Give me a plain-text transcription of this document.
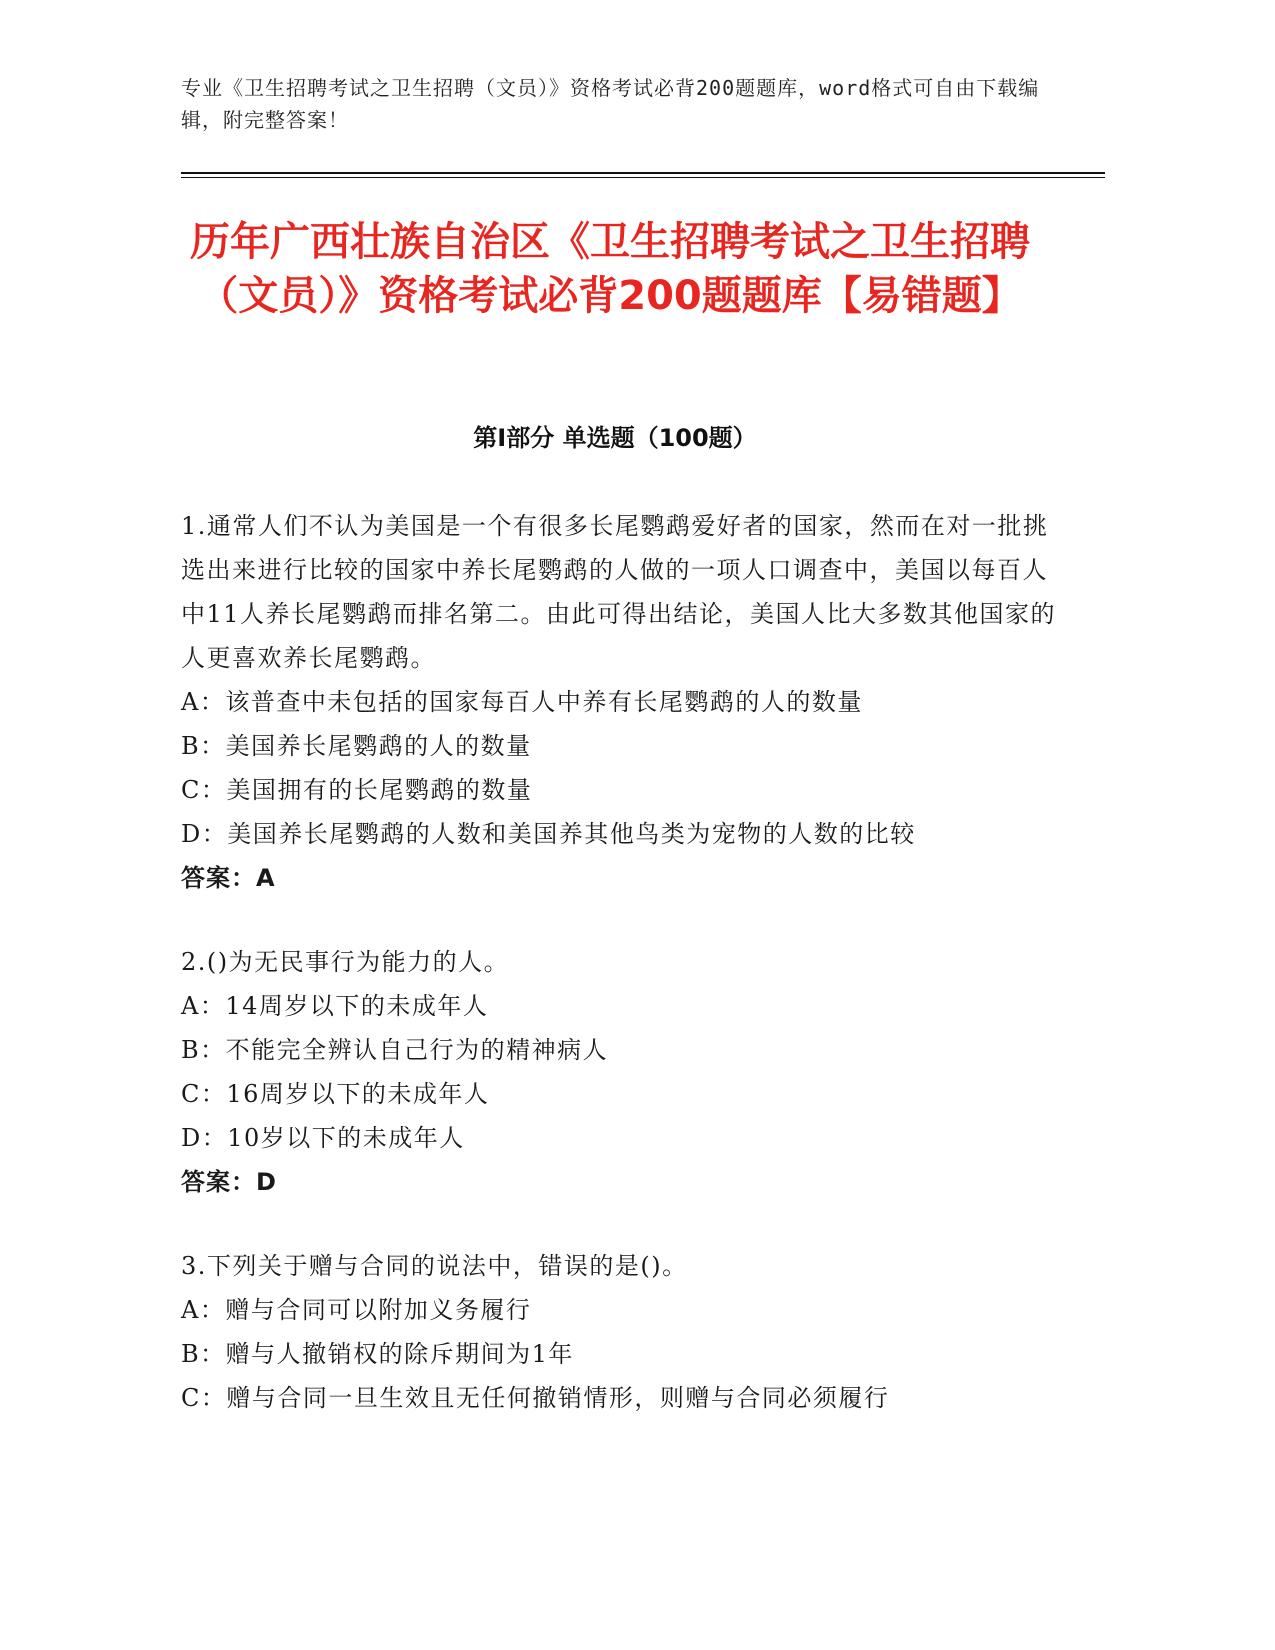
专业《卫生招聘考试之卫生招聘（文员）》资格考试必背200题题库，word格式可自由下载编辑，附完整答案！
历年广西壮族自治区《卫生招聘考试之卫生招聘（文员）》资格考试必背200题题库【易错题】
第I部分 单选题（100题）

1.通常人们不认为美国是一个有很多长尾鹦鹉爱好者的国家，然而在对一批挑选出来进行比较的国家中养长尾鹦鹉的人做的一项人口调查中，美国以每百人中11人养长尾鹦鹉而排名第二。由此可得出结论，美国人比大多数其他国家的人更喜欢养长尾鹦鹉。

A：该普查中未包括的国家每百人中养有长尾鹦鹉的人的数量

B：美国养长尾鹦鹉的人的数量

C：美国拥有的长尾鹦鹉的数量

D：美国养长尾鹦鹉的人数和美国养其他鸟类为宠物的人数的比较

答案：A

2.()为无民事行为能力的人。

A：14周岁以下的未成年人

B：不能完全辨认自己行为的精神病人

C：16周岁以下的未成年人

D：10岁以下的未成年人

答案：D

3.下列关于赠与合同的说法中，错误的是()。

A：赠与合同可以附加义务履行

B：赠与人撤销权的除斥期间为1年

C：赠与合同一旦生效且无任何撤销情形，则赠与合同必须履行
